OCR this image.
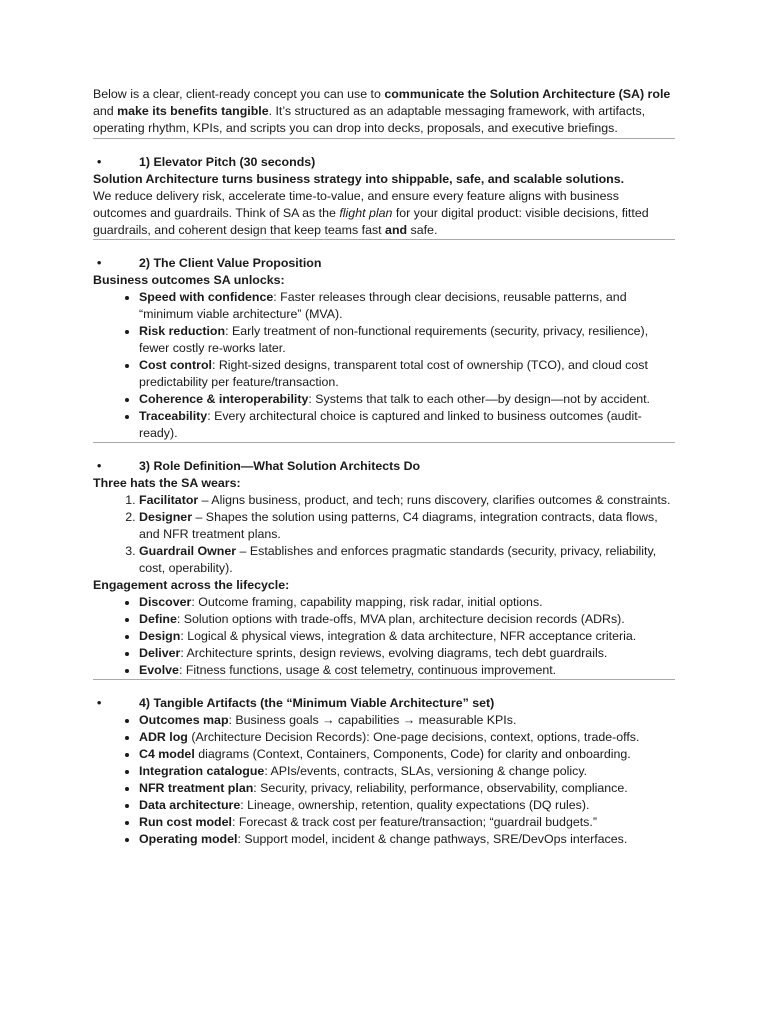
Below is a clear, client-ready concept you can use to communicate the Solution Architecture (SA) role and make its benefits tangible. It’s structured as an adaptable messaging framework, with artifacts, operating rhythm, KPIs, and scripts you can drop into decks, proposals, and executive briefings.

• 1) Elevator Pitch (30 seconds)

Solution Architecture turns business strategy into shippable, safe, and scalable solutions.

We reduce delivery risk, accelerate time-to-value, and ensure every feature aligns with business outcomes and guardrails. Think of SA as the flight plan for your digital product: visible decisions, fitted guardrails, and coherent design that keep teams fast and safe.

• 2) The Client Value Proposition

Business outcomes SA unlocks:

• Speed with confidence: Faster releases through clear decisions, reusable patterns, and “minimum viable architecture” (MVA).
• Risk reduction: Early treatment of non-functional requirements (security, privacy, resilience), fewer costly re-works later.
• Cost control: Right-sized designs, transparent total cost of ownership (TCO), and cloud cost predictability per feature/transaction.
• Coherence & interoperability: Systems that talk to each other—by design—not by accident.
• Traceability: Every architectural choice is captured and linked to business outcomes (audit-ready).

• 3) Role Definition—What Solution Architects Do

Three hats the SA wears:

1. Facilitator – Aligns business, product, and tech; runs discovery, clarifies outcomes & constraints.
2. Designer – Shapes the solution using patterns, C4 diagrams, integration contracts, data flows, and NFR treatment plans.
3. Guardrail Owner – Establishes and enforces pragmatic standards (security, privacy, reliability, cost, operability).

Engagement across the lifecycle:

• Discover: Outcome framing, capability mapping, risk radar, initial options.
• Define: Solution options with trade-offs, MVA plan, architecture decision records (ADRs).
• Design: Logical & physical views, integration & data architecture, NFR acceptance criteria.
• Deliver: Architecture sprints, design reviews, evolving diagrams, tech debt guardrails.
• Evolve: Fitness functions, usage & cost telemetry, continuous improvement.

• 4) Tangible Artifacts (the “Minimum Viable Architecture” set)

• Outcomes map: Business goals → capabilities → measurable KPIs.
• ADR log (Architecture Decision Records): One-page decisions, context, options, trade-offs.
• C4 model diagrams (Context, Containers, Components, Code) for clarity and onboarding.
• Integration catalogue: APIs/events, contracts, SLAs, versioning & change policy.
• NFR treatment plan: Security, privacy, reliability, performance, observability, compliance.
• Data architecture: Lineage, ownership, retention, quality expectations (DQ rules).
• Run cost model: Forecast & track cost per feature/transaction; “guardrail budgets.”
• Operating model: Support model, incident & change pathways, SRE/DevOps interfaces.
